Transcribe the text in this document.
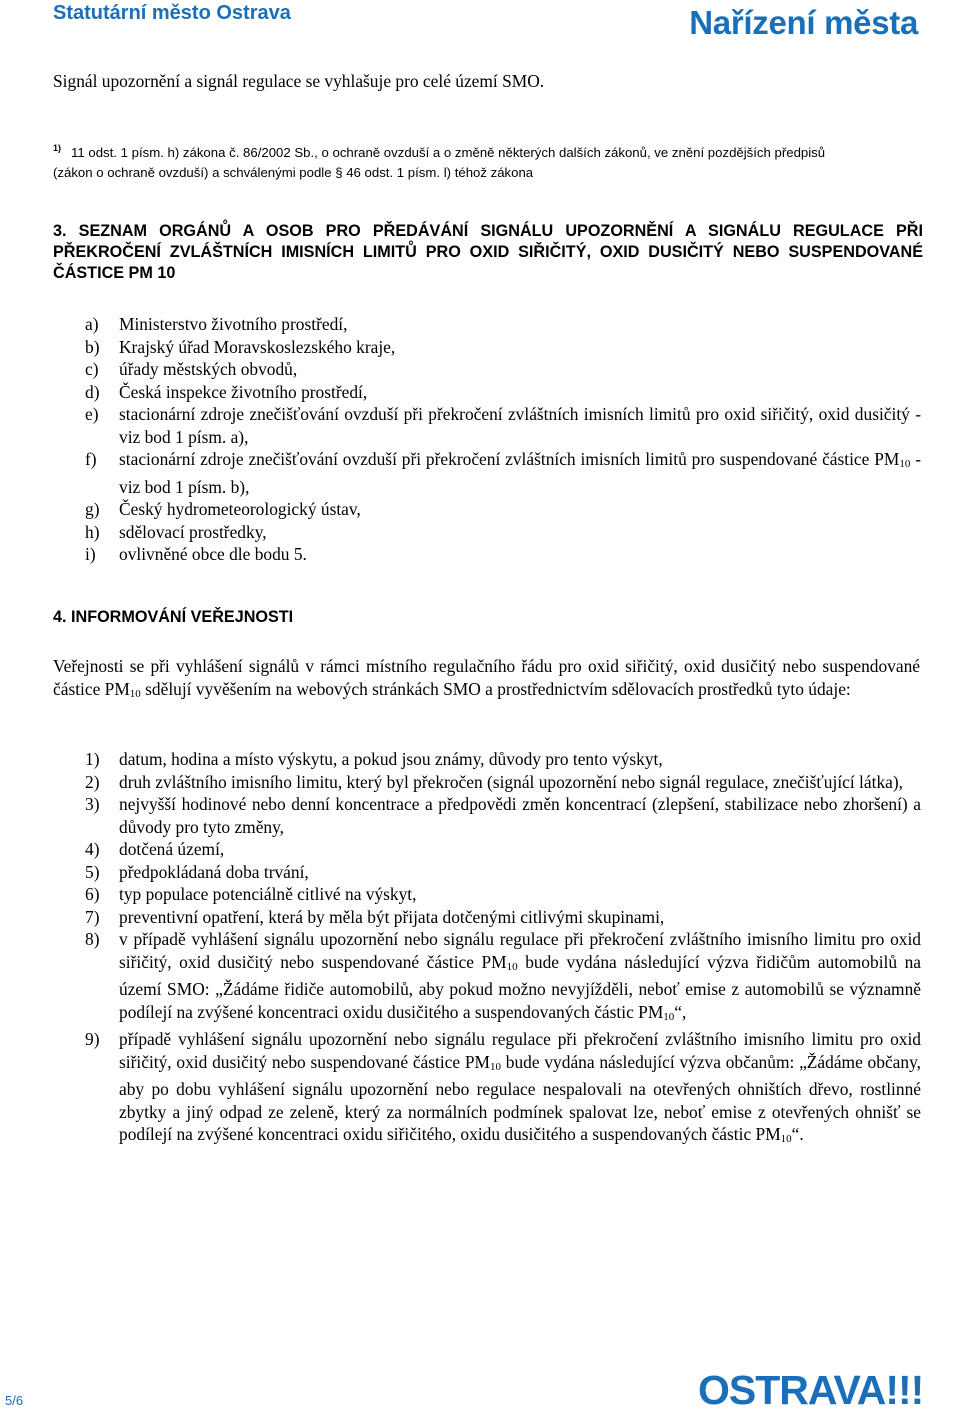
Statutární město Ostrava	Nařízení města
Signál upozornění a signál regulace se vyhlašuje pro celé území SMO.
$^{1)}$ 11 odst. 1 písm. h) zákona č. 86/2002 Sb., o ochraně ovzduší a o změně některých dalších zákonů, ve znění pozdějších předpisů
(zákon o ochraně ovzduší) a schválenými podle § 46 odst. 1 písm. l) téhož zákona
3. SEZNAM ORGÁNŮ A OSOB PRO PŘEDÁVÁNÍ SIGNÁLU UPOZORNĚNÍ A SIGNÁLU REGULACE PŘI PŘEKROČENÍ ZVLÁŠTNÍCH IMISNÍCH LIMITŮ PRO OXID SIŘIČITÝ, OXID DUSIČITÝ NEBO SUSPENDOVANÉ ČÁSTICE PM 10
a) Ministerstvo životního prostředí,
b) Krajský úřad Moravskoslezského kraje,
c) úřady městských obvodů,
d) Česká inspekce životního prostředí,
e) stacionární zdroje znečišťování ovzduší při překročení zvláštních imisních limitů pro oxid siřičitý, oxid dusičitý - viz bod 1 písm. a),
f) stacionární zdroje znečišťování ovzduší při překročení zvláštních imisních limitů pro suspendované částice $PM_{10}$ - viz bod 1 písm. b),
g) Český hydrometeorologický ústav,
h) sdělovací prostředky,
i) ovlivněné obce dle bodu 5.
4. INFORMOVÁNÍ VEŘEJNOSTI
Veřejnosti se při vyhlášení signálů v rámci místního regulačního řádu pro oxid siřičitý, oxid dusičitý nebo suspendované částice $PM_{10}$ sdělují vyvěšením na webových stránkách SMO a prostřednictvím sdělovacích prostředků tyto údaje:
1) datum, hodina a místo výskytu, a pokud jsou známy, důvody pro tento výskyt,
2) druh zvláštního imisního limitu, který byl překročen (signál upozornění nebo signál regulace, znečišťující látka),
3) nejvyšší hodinové nebo denní koncentrace a předpovědi změn koncentrací (zlepšení, stabilizace nebo zhoršení) a důvody pro tyto změny,
4) dotčená území,
5) předpokládaná doba trvání,
6) typ populace potenciálně citlivé na výskyt,
7) preventivní opatření, která by měla být přijata dotčenými citlivými skupinami,
8) v případě vyhlášení signálu upozornění nebo signálu regulace při překročení zvláštního imisního limitu pro oxid siřičitý, oxid dusičitý nebo suspendované částice $PM_{10}$ bude vydána následující výzva řidičům automobilů na území SMO: „Žádáme řidiče automobilů, aby pokud možno nevyjížděli, neboť emise z automobilů se významně podílejí na zvýšené koncentraci oxidu dusičitého a suspendovaných částic $PM_{10}“$,
9) případě vyhlášení signálu upozornění nebo signálu regulace při překročení zvláštního imisního limitu pro oxid siřičitý, oxid dusičitý nebo suspendované částice $PM_{10}$ bude vydána následující výzva občanům: „Žádáme občany, aby po dobu vyhlášení signálu upozornění nebo regulace nespalovali na otevřených ohništích dřevo, rostlinné zbytky a jiný odpad ze zeleně, který za normálních podmínek spalovat lze, neboť emise z otevřených ohnišť se podílejí na zvýšené koncentraci oxidu siřičitého, oxidu dusičitého a suspendovaných částic $PM_{10}“$.
5/6	OSTRAVA!!!
